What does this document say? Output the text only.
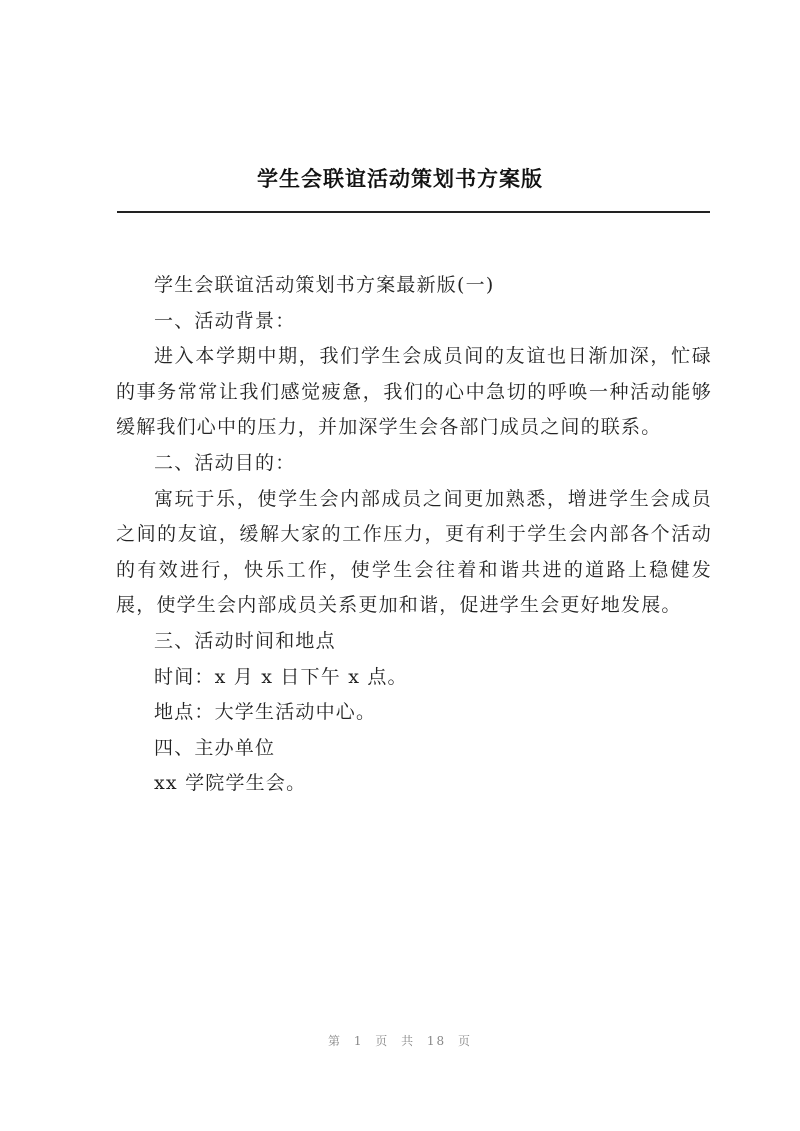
学生会联谊活动策划书方案版

学生会联谊活动策划书方案最新版(一)

一、活动背景：

进入本学期中期，我们学生会成员间的友谊也日渐加深，忙碌的事务常常让我们感觉疲惫，我们的心中急切的呼唤一种活动能够缓解我们心中的压力，并加深学生会各部门成员之间的联系。

二、活动目的：

寓玩于乐，使学生会内部成员之间更加熟悉，增进学生会成员之间的友谊，缓解大家的工作压力，更有利于学生会内部各个活动的有效进行，快乐工作，使学生会往着和谐共进的道路上稳健发展，使学生会内部成员关系更加和谐，促进学生会更好地发展。

三、活动时间和地点

时间：x 月 x 日下午 x 点。

地点：大学生活动中心。

四、主办单位

xx 学院学生会。

第 1 页 共 18 页
